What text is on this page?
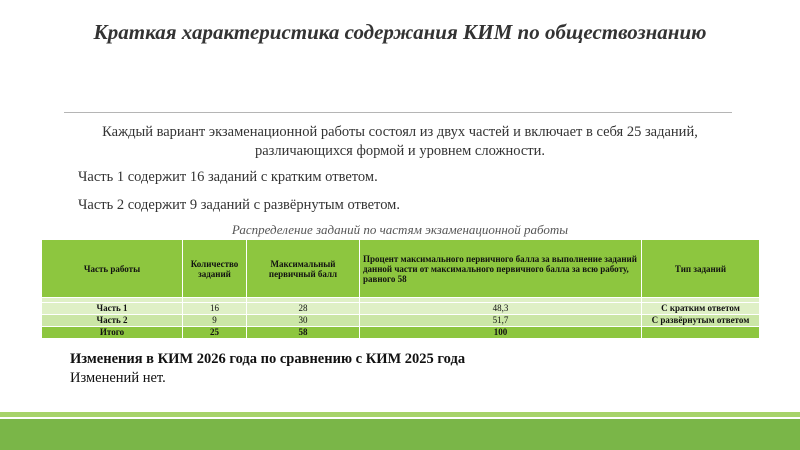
Краткая характеристика содержания КИМ по обществознанию
Каждый вариант экзаменационной работы состоял из двух частей и включает в себя 25 заданий, различающихся формой и уровнем сложности.
Часть 1 содержит 16 заданий с кратким ответом.
Часть 2 содержит 9 заданий с развёрнутым ответом.
Распределение заданий по частям экзаменационной работы
Часть работы	Количество заданий	Максимальный первичный балл	Процент максимального первичного балла за выполнение заданий данной части от максимального первичного балла за всю работу, равного 58	Тип заданий

Часть 1	16	28	48,3	С кратким ответом
Часть 2	9	30	51,7	С развёрнутым ответом
Итого	25	58	100	
Изменения в КИМ 2026 года по сравнению с КИМ 2025 года
Изменений нет.
